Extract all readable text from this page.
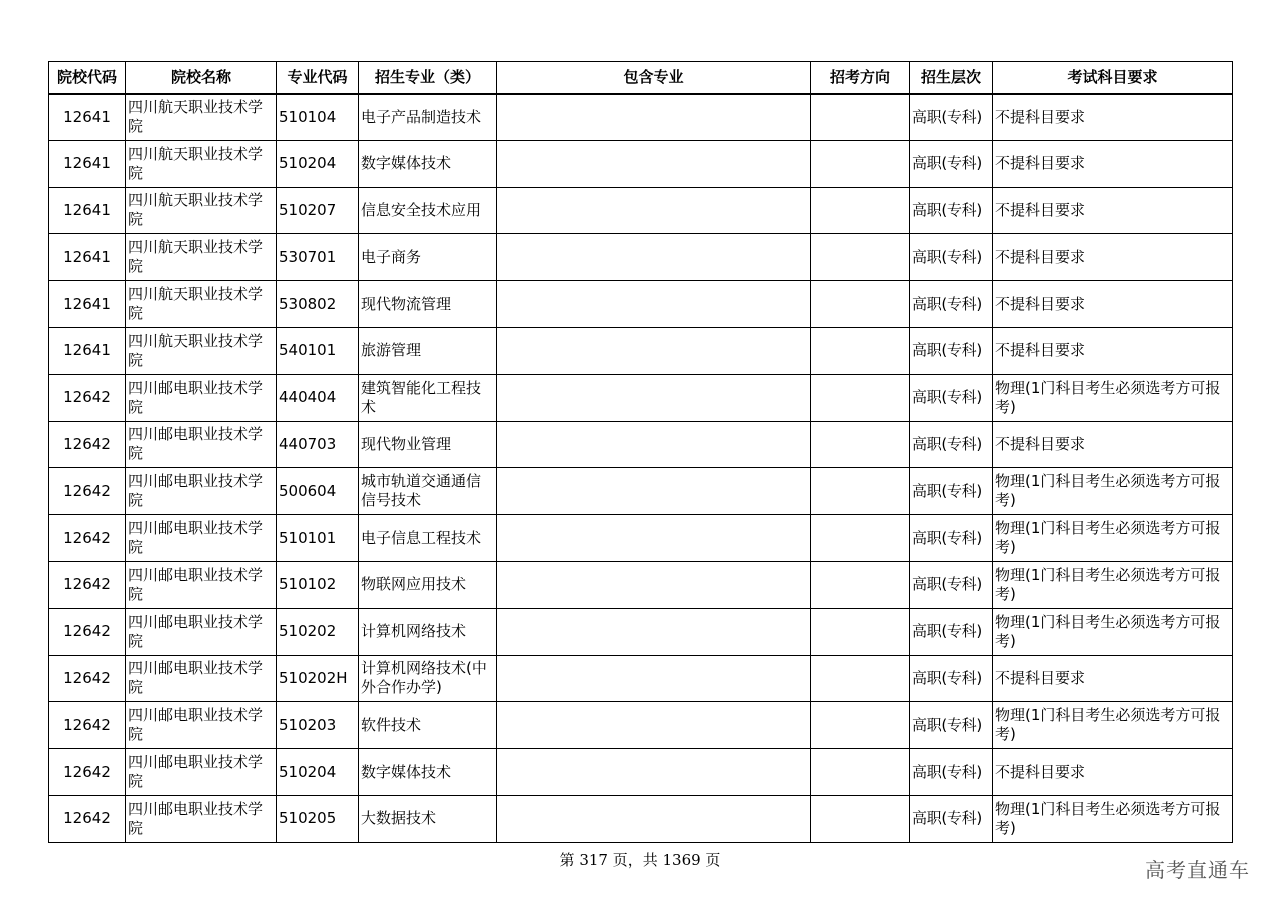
院校代码	院校名称	专业代码	招生专业（类）	包含专业	招考方向	招生层次	考试科目要求
12641	四川航天职业技术学院	510104	电子产品制造技术			高职(专科)	不提科目要求

12641	四川航天职业技术学院	510204	数字媒体技术			高职(专科)	不提科目要求

12641	四川航天职业技术学院	510207	信息安全技术应用			高职(专科)	不提科目要求

12641	四川航天职业技术学院	530701	电子商务			高职(专科)	不提科目要求

12641	四川航天职业技术学院	530802	现代物流管理			高职(专科)	不提科目要求

12641	四川航天职业技术学院	540101	旅游管理			高职(专科)	不提科目要求

12642	四川邮电职业技术学院	440404	建筑智能化工程技术			高职(专科)	物理(1门科目考生必须选考方可报考)

12642	四川邮电职业技术学院	440703	现代物业管理			高职(专科)	不提科目要求

12642	四川邮电职业技术学院	500604	城市轨道交通通信信号技术			高职(专科)	物理(1门科目考生必须选考方可报考)

12642	四川邮电职业技术学院	510101	电子信息工程技术			高职(专科)	物理(1门科目考生必须选考方可报考)

12642	四川邮电职业技术学院	510102	物联网应用技术			高职(专科)	物理(1门科目考生必须选考方可报考)

12642	四川邮电职业技术学院	510202	计算机网络技术			高职(专科)	物理(1门科目考生必须选考方可报考)

12642	四川邮电职业技术学院	510202H	计算机网络技术(中外合作办学)			高职(专科)	不提科目要求

12642	四川邮电职业技术学院	510203	软件技术			高职(专科)	物理(1门科目考生必须选考方可报考)

12642	四川邮电职业技术学院	510204	数字媒体技术			高职(专科)	不提科目要求

12642	四川邮电职业技术学院	510205	大数据技术			高职(专科)	物理(1门科目考生必须选考方可报考)
第 317 页，共 1369 页	高考直通车
